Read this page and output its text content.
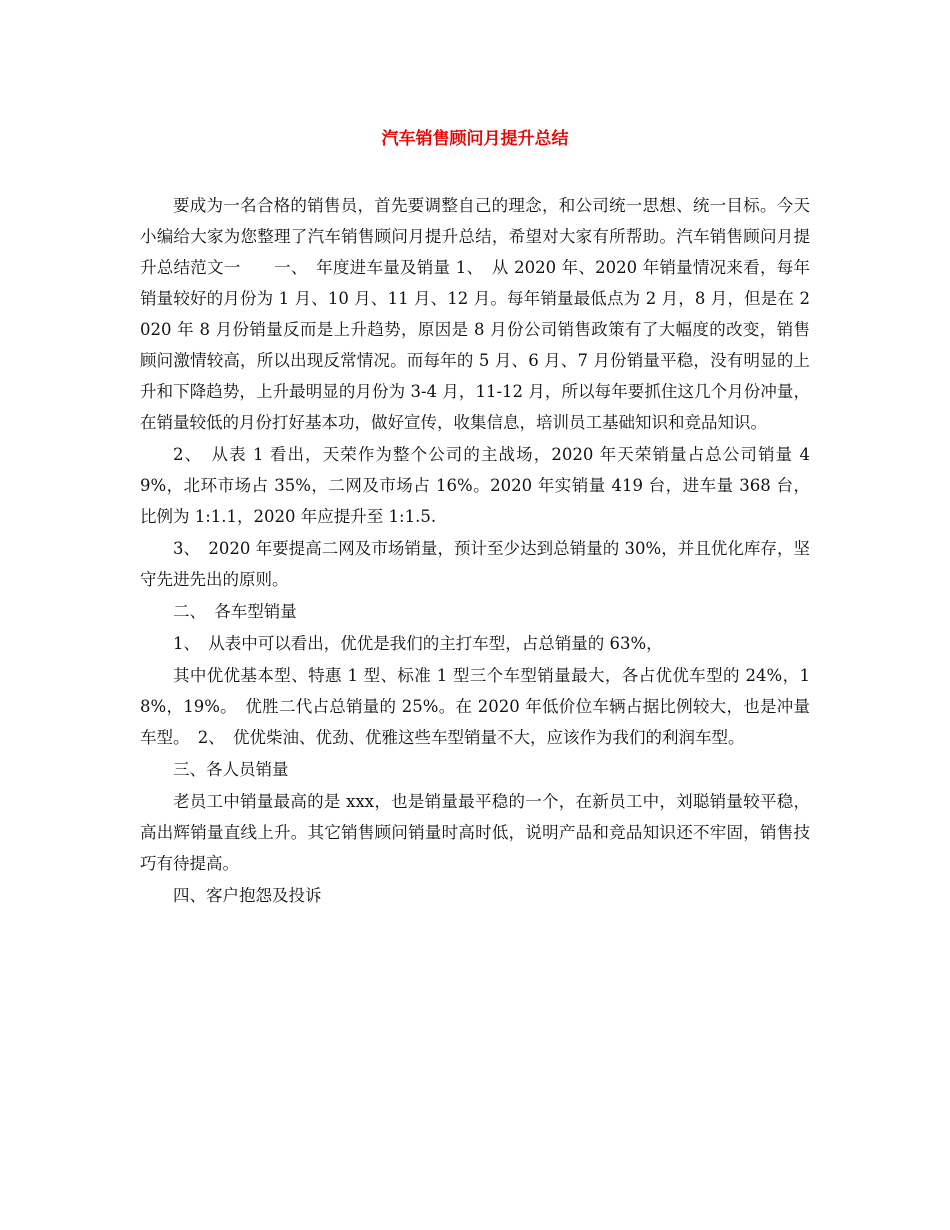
汽车销售顾问月提升总结

要成为一名合格的销售员，首先要调整自己的理念，和公司统一思想、统一目标。今天小编给大家为您整理了汽车销售顾问月提升总结，希望对大家有所帮助。汽车销售顾问月提升总结范文一　　一、　年度进车量及销量 1、　从 2020 年、2020 年销量情况来看，每年销量较好的月份为 1 月、10 月、11 月、12 月。每年销量最低点为 2 月，8 月，但是在 2020 年 8 月份销量反而是上升趋势，原因是 8 月份公司销售政策有了大幅度的改变，销售顾问激情较高，所以出现反常情况。而每年的 5 月、6 月、7 月份销量平稳，没有明显的上升和下降趋势，上升最明显的月份为 3-4 月，11-12 月，所以每年要抓住这几个月份冲量，在销量较低的月份打好基本功，做好宣传，收集信息，培训员工基础知识和竞品知识。

2、　从表 1 看出，天荣作为整个公司的主战场，2020 年天荣销量占总公司销量 49%，北环市场占 35%，二网及市场占 16%。2020 年实销量 419 台，进车量 368 台，比例为 1:1.1，2020 年应提升至 1:1.5.

3、　2020 年要提高二网及市场销量，预计至少达到总销量的 30%，并且优化库存，坚守先进先出的原则。

二、　各车型销量

1、　从表中可以看出，优优是我们的主打车型，占总销量的 63%，

其中优优基本型、特惠 1 型、标准 1 型三个车型销量最大，各占优优车型的 24%，18%，19%。　优胜二代占总销量的 25%。在 2020 年低价位车辆占据比例较大，也是冲量车型。　2、　优优柴油、优劲、优雅这些车型销量不大，应该作为我们的利润车型。

三、各人员销量

老员工中销量最高的是 xxx，也是销量最平稳的一个，在新员工中，刘聪销量较平稳，高出辉销量直线上升。其它销售顾问销量时高时低，说明产品和竞品知识还不牢固，销售技巧有待提高。

四、客户抱怨及投诉
